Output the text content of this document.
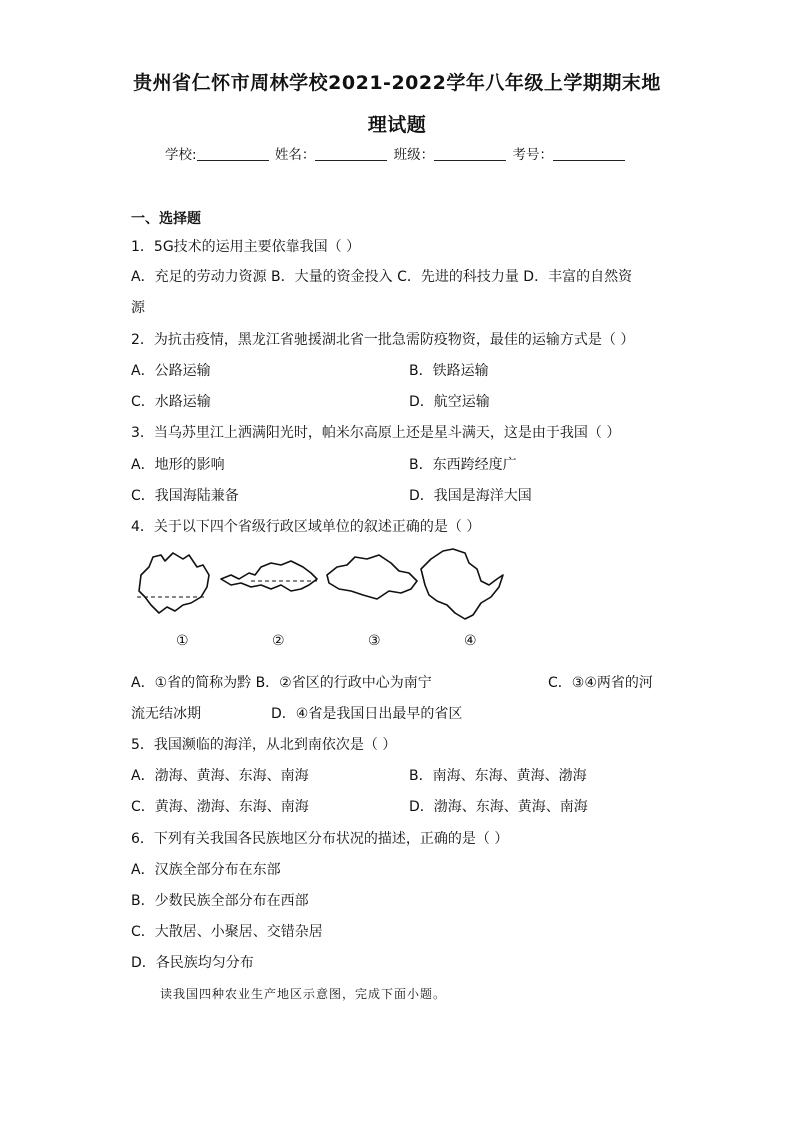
贵州省仁怀市周林学校2021-2022学年八年级上学期期末地
理试题
学校:	姓名：	班级：	考号：
一、选择题
1．5G技术的运用主要依靠我国（ ）
A．充足的劳动力资源 B．大量的资金投入 C．先进的科技力量 D．丰富的自然资
源
2．为抗击疫情，黑龙江省驰援湖北省一批急需防疫物资，最佳的运输方式是（ ）
A．公路运输	B．铁路运输
C．水路运输	D．航空运输
3．当乌苏里江上洒满阳光时，帕米尔高原上还是星斗满天，这是由于我国（ ）
A．地形的影响	B．东西跨经度广
C．我国海陆兼备	D．我国是海洋大国
4．关于以下四个省级行政区域单位的叙述正确的是（ ）
①	②	③	④
A．①省的简称为黔 B．②省区的行政中心为南宁	C．③④两省的河
流无结冰期	D．④省是我国日出最早的省区
5．我国濒临的海洋，从北到南依次是（ ）
A．渤海、黄海、东海、南海	B．南海、东海、黄海、渤海
C．黄海、渤海、东海、南海	D．渤海、东海、黄海、南海
6．下列有关我国各民族地区分布状况的描述，正确的是（ ）
A．汉族全部分布在东部
B．少数民族全部分布在西部
C．大散居、小聚居、交错杂居
D．各民族均匀分布
读我国四种农业生产地区示意图，完成下面小题。
